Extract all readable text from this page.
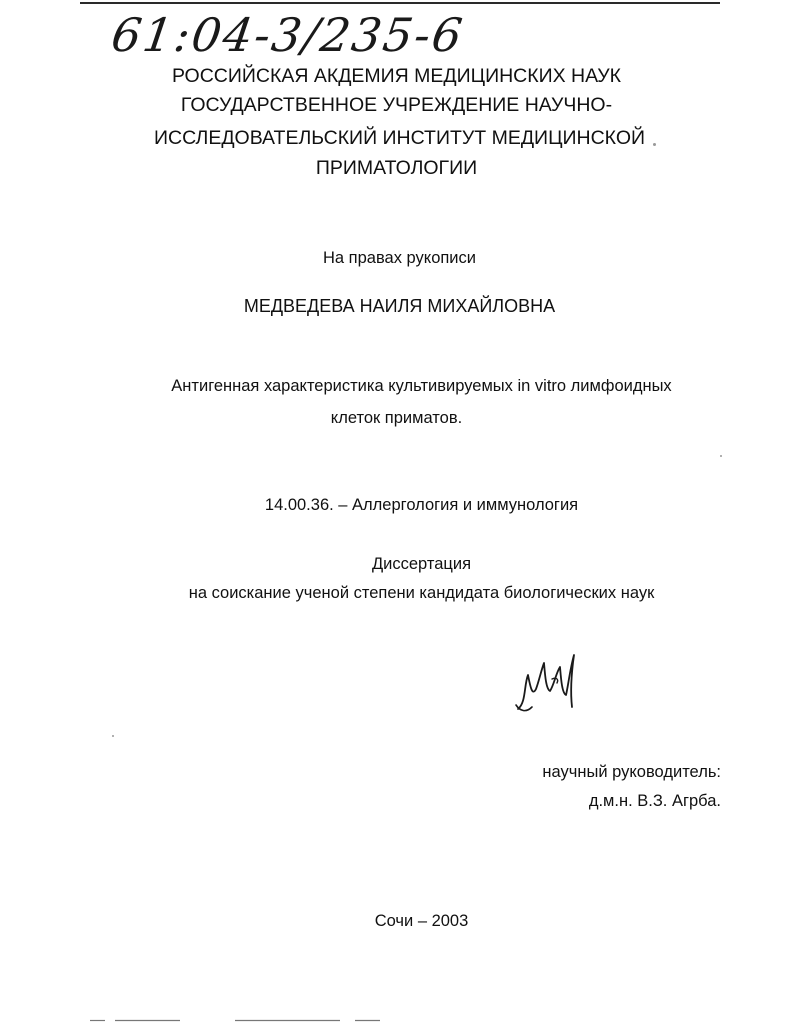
61:04-3/235-6
РОССИЙСКАЯ АКДЕМИЯ МЕДИЦИНСКИХ НАУК
ГОСУДАРСТВЕННОЕ УЧРЕЖДЕНИЕ НАУЧНО-
ИССЛЕДОВАТЕЛЬСКИЙ ИНСТИТУТ МЕДИЦИНСКОЙ
ПРИМАТОЛОГИИ
На правах рукописи
МЕДВЕДЕВА НАИЛЯ МИХАЙЛОВНА
Антигенная характеристика культивируемых in vitro лимфоидных
клеток приматов.
14.00.36. – Аллергология и иммунология
Диссертация
на соискание ученой степени кандидата биологических наук
научный руководитель:
д.м.н. В.З. Агрба.
Сочи – 2003
